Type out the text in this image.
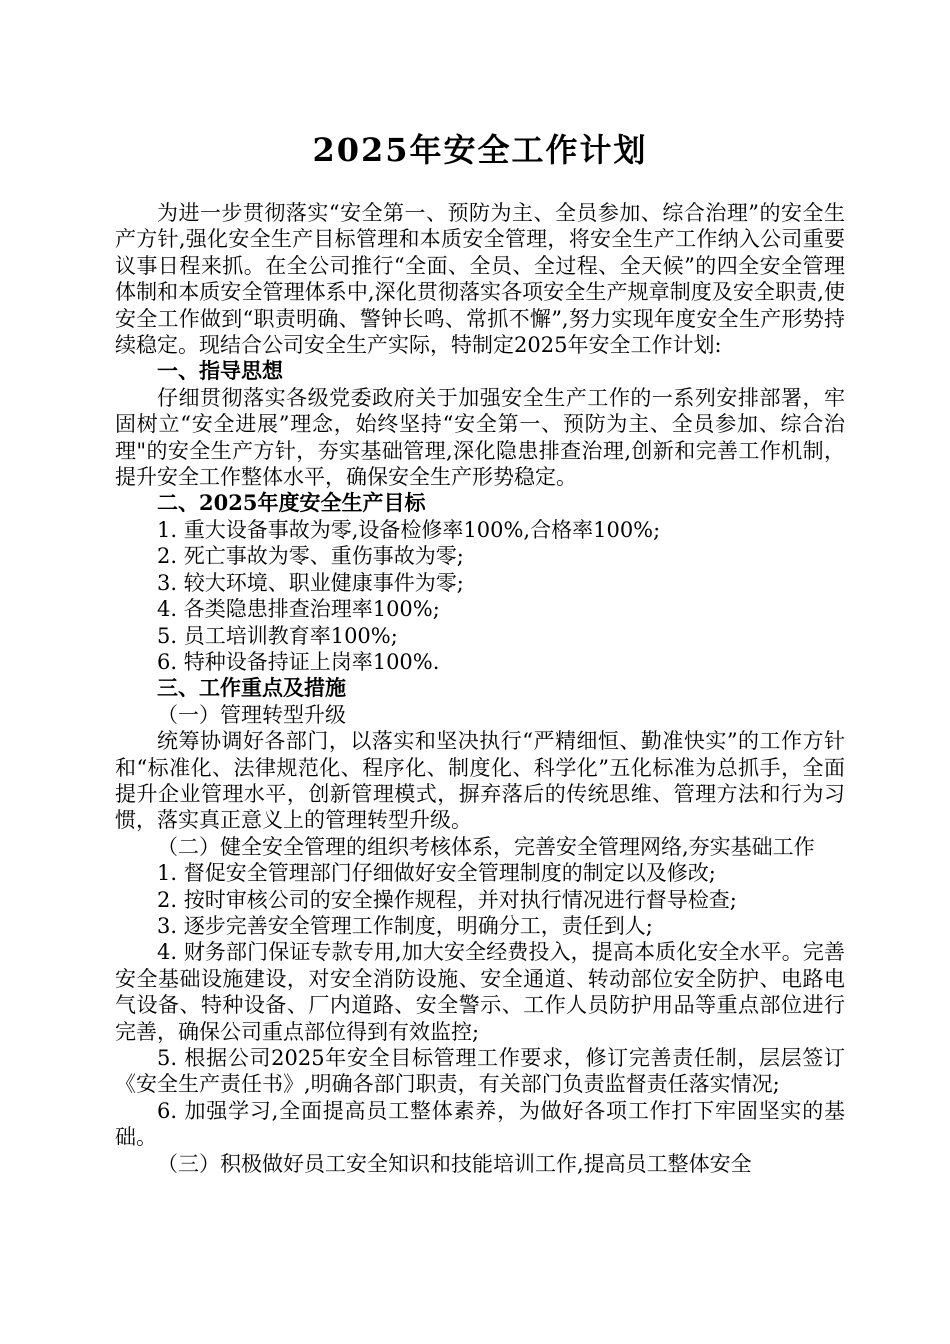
2025年安全工作计划

为进一步贯彻落实“安全第一、预防为主、全员参加、综合治理”的安全生产方针,强化安全生产目标管理和本质安全管理，将安全生产工作纳入公司重要议事日程来抓。在全公司推行“全面、全员、全过程、全天候”的四全安全管理体制和本质安全管理体系中,深化贯彻落实各项安全生产规章制度及安全职责,使安全工作做到“职责明确、警钟长鸣、常抓不懈”,努力实现年度安全生产形势持续稳定。现结合公司安全生产实际，特制定2025年安全工作计划:

一、指导思想

仔细贯彻落实各级党委政府关于加强安全生产工作的一系列安排部署，牢固树立“安全进展”理念，始终坚持“安全第一、预防为主、全员参加、综合治理"的安全生产方针，夯实基础管理,深化隐患排查治理,创新和完善工作机制，提升安全工作整体水平，确保安全生产形势稳定。

二、2025年度安全生产目标

1. 重大设备事故为零,设备检修率100%,合格率100%;

2. 死亡事故为零、重伤事故为零;

3. 较大环境、职业健康事件为零;

4. 各类隐患排查治理率100%;

5. 员工培训教育率100%;

6. 特种设备持证上岗率100%.

三、工作重点及措施

（一）管理转型升级

统筹协调好各部门，以落实和坚决执行“严精细恒、勤准快实”的工作方针和“标准化、法律规范化、程序化、制度化、科学化”五化标准为总抓手，全面提升企业管理水平，创新管理模式，摒弃落后的传统思维、管理方法和行为习惯，落实真正意义上的管理转型升级。

（二）健全安全管理的组织考核体系，完善安全管理网络,夯实基础工作

1. 督促安全管理部门仔细做好安全管理制度的制定以及修改;

2. 按时审核公司的安全操作规程，并对执行情况进行督导检查;

3. 逐步完善安全管理工作制度，明确分工，责任到人;

4. 财务部门保证专款专用,加大安全经费投入，提高本质化安全水平。完善安全基础设施建设，对安全消防设施、安全通道、转动部位安全防护、电路电气设备、特种设备、厂内道路、安全警示、工作人员防护用品等重点部位进行完善，确保公司重点部位得到有效监控;

5. 根据公司2025年安全目标管理工作要求，修订完善责任制，层层签订《安全生产责任书》,明确各部门职责，有关部门负责监督责任落实情况;

6. 加强学习,全面提高员工整体素养，为做好各项工作打下牢固坚实的基础。

（三）积极做好员工安全知识和技能培训工作,提高员工整体安全
